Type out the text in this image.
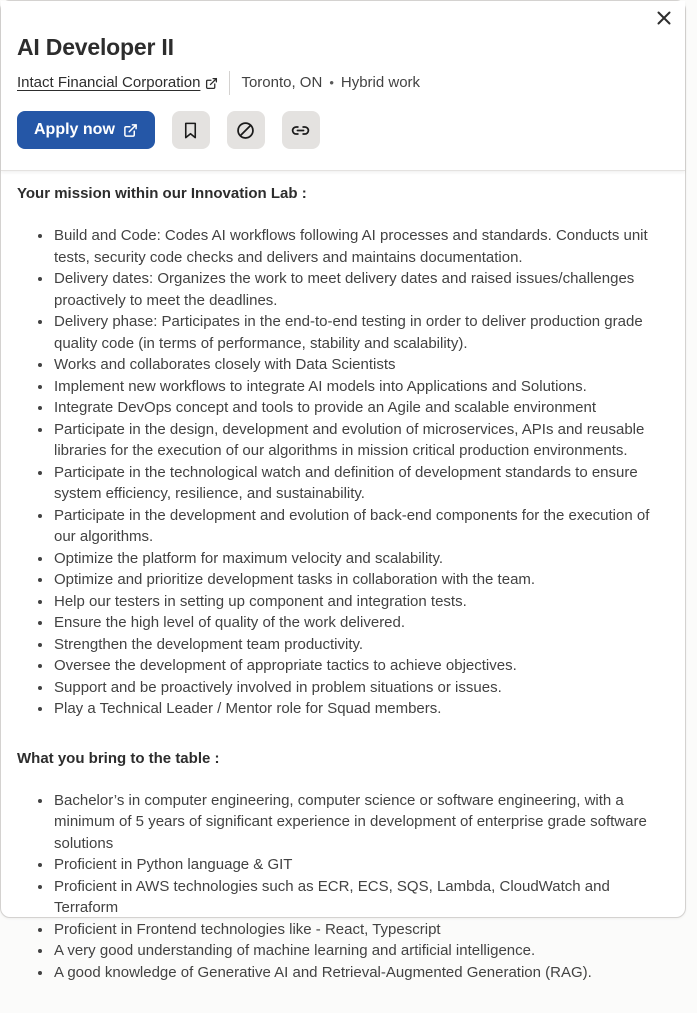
AI Developer II
Intact Financial Corporation	Toronto, ON • Hybrid work
Apply now
Your mission within our Innovation Lab :
• Build and Code: Codes AI workflows following AI processes and standards. Conducts unit tests, security code checks and delivers and maintains documentation.
• Delivery dates: Organizes the work to meet delivery dates and raised issues/challenges proactively to meet the deadlines.
• Delivery phase: Participates in the end-to-end testing in order to deliver production grade quality code (in terms of performance, stability and scalability).
• Works and collaborates closely with Data Scientists
• Implement new workflows to integrate AI models into Applications and Solutions.
• Integrate DevOps concept and tools to provide an Agile and scalable environment
• Participate in the design, development and evolution of microservices, APIs and reusable libraries for the execution of our algorithms in mission critical production environments.
• Participate in the technological watch and definition of development standards to ensure system efficiency, resilience, and sustainability.
• Participate in the development and evolution of back-end components for the execution of our algorithms.
• Optimize the platform for maximum velocity and scalability.
• Optimize and prioritize development tasks in collaboration with the team.
• Help our testers in setting up component and integration tests.
• Ensure the high level of quality of the work delivered.
• Strengthen the development team productivity.
• Oversee the development of appropriate tactics to achieve objectives.
• Support and be proactively involved in problem situations or issues.
• Play a Technical Leader / Mentor role for Squad members.
What you bring to the table :
• Bachelor’s in computer engineering, computer science or software engineering, with a minimum of 5 years of significant experience in development of enterprise grade software solutions
• Proficient in Python language & GIT
• Proficient in AWS technologies such as ECR, ECS, SQS, Lambda, CloudWatch and Terraform
• Proficient in Frontend technologies like - React, Typescript
• A very good understanding of machine learning and artificial intelligence.
• A good knowledge of Generative AI and Retrieval-Augmented Generation (RAG).
